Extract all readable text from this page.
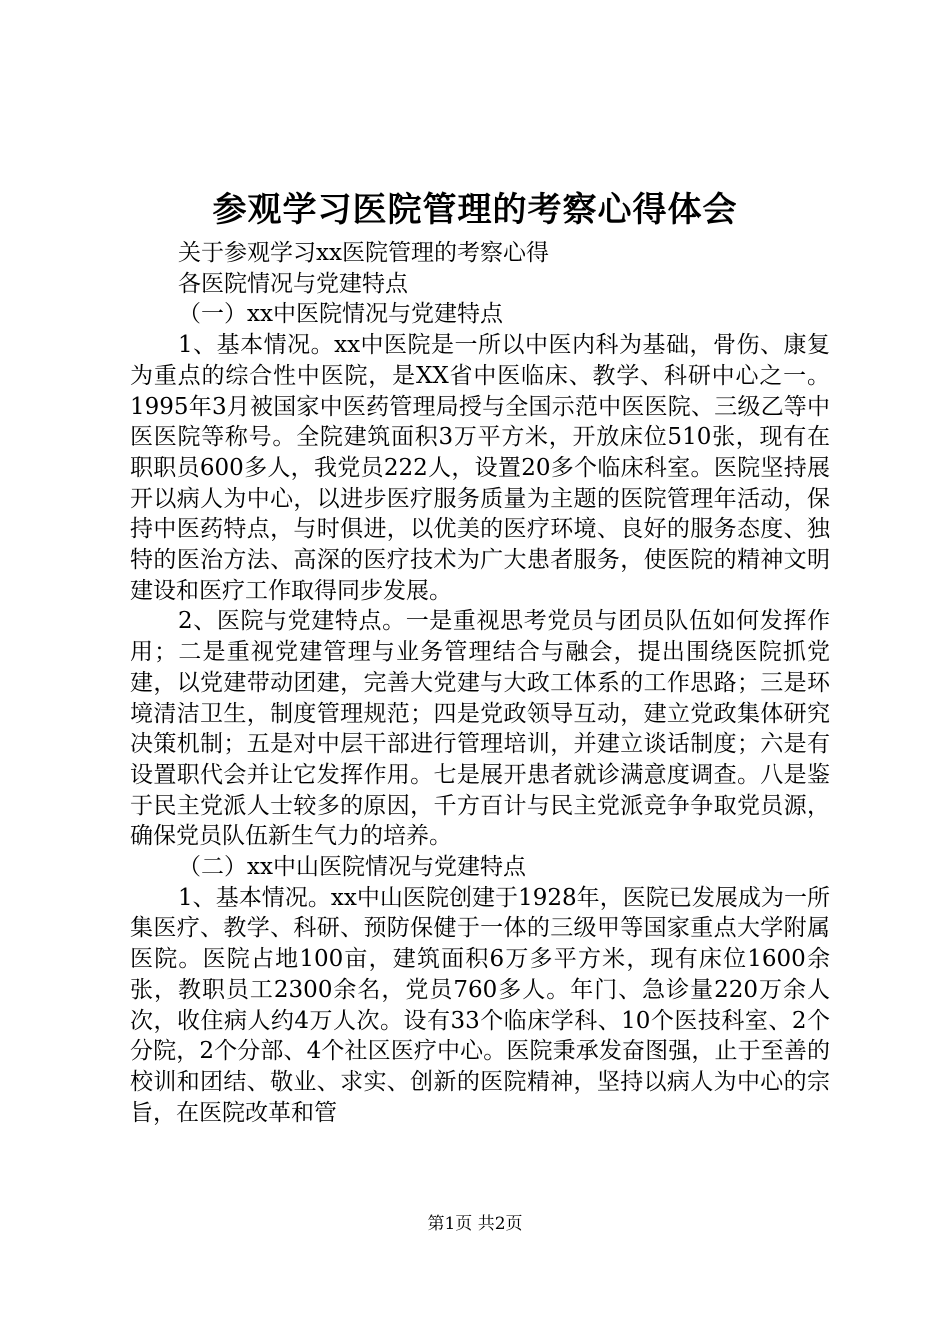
参观学习医院管理的考察心得体会

关于参观学习xx医院管理的考察心得

各医院情况与党建特点

（一）xx中医院情况与党建特点

1、基本情况。xx中医院是一所以中医内科为基础，骨伤、康复为重点的综合性中医院，是XX省中医临床、教学、科研中心之一。1995年3月被国家中医药管理局授与全国示范中医医院、三级乙等中医医院等称号。全院建筑面积3万平方米，开放床位510张，现有在职职员600多人，我党员222人，设置20多个临床科室。医院坚持展开以病人为中心，以进步医疗服务质量为主题的医院管理年活动，保持中医药特点，与时俱进，以优美的医疗环境、良好的服务态度、独特的医治方法、高深的医疗技术为广大患者服务，使医院的精神文明建设和医疗工作取得同步发展。

2、医院与党建特点。一是重视思考党员与团员队伍如何发挥作用；二是重视党建管理与业务管理结合与融会，提出围绕医院抓党建，以党建带动团建，完善大党建与大政工体系的工作思路；三是环境清洁卫生，制度管理规范；四是党政领导互动，建立党政集体研究决策机制；五是对中层干部进行管理培训，并建立谈话制度；六是有设置职代会并让它发挥作用。七是展开患者就诊满意度调查。八是鉴于民主党派人士较多的原因，千方百计与民主党派竞争争取党员源，确保党员队伍新生气力的培养。

（二）xx中山医院情况与党建特点

1、基本情况。xx中山医院创建于1928年，医院已发展成为一所集医疗、教学、科研、预防保健于一体的三级甲等国家重点大学附属医院。医院占地100亩，建筑面积6万多平方米，现有床位1600余张，教职员工2300余名，党员760多人。年门、急诊量220万余人次，收住病人约4万人次。设有33个临床学科、10个医技科室、2个分院，2个分部、4个社区医疗中心。医院秉承发奋图强，止于至善的校训和团结、敬业、求实、创新的医院精神，坚持以病人为中心的宗旨，在医院改革和管

第1页 共2页
